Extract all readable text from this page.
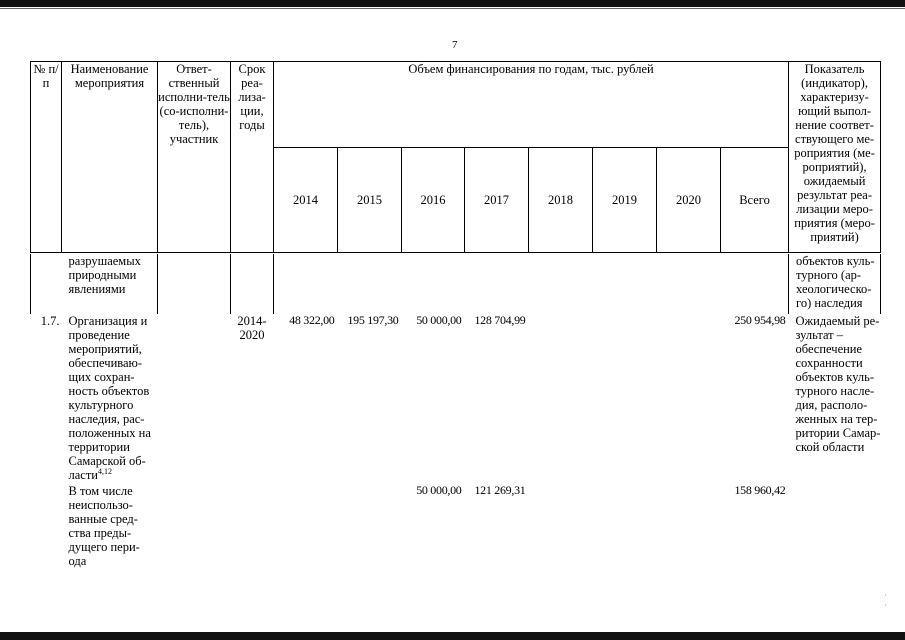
7
№ п/п	Наименование мероприятия	Ответ-ственный исполни-тель (со-исполни-тель), участник	Срок реа-лиза-ции, годы	Объем финансирования по годам, тыс. рублей								Показатель (индикатор), характеризу-ющий выпол-нение соответ-ствующего ме-роприятия (ме-роприятий), ожидаемый результат реа-лизации меро-приятия (меро-приятий)
				2014	2015	2016	2017	2018	2019	2020	Всего	
	разрушаемых природными явлениями											объектов куль-турного (ар-хеологическо-го) наследия
1.7.	Организация и проведение мероприятий, обеспечиваю-щих сохран-ность объектов культурного наследия, рас-положенных на территории Самарской об-ласти$^{4,12}$		2014-2020	48 322,00	195 197,30	50 000,00	128 704,99				250 954,98	Ожидаемый ре-зультат – обеспечение сохранности объектов куль-турного насле-дия, располо-женных на тер-ритории Самар-ской области
	В том числе неиспользо-ванные сред-ства преды-дущего пери-ода					50 000,00	121 269,31				158 960,42	
·
·
